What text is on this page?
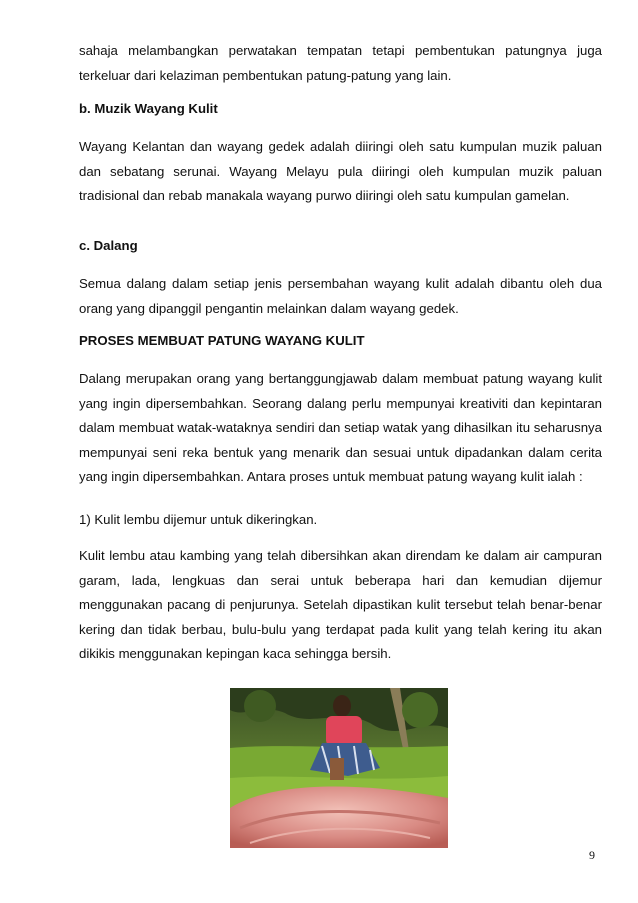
sahaja melambangkan perwatakan tempatan tetapi pembentukan patungnya juga terkeluar dari kelaziman pembentukan patung-patung yang lain.

b. Muzik Wayang Kulit

Wayang Kelantan dan wayang gedek adalah diiringi oleh satu kumpulan muzik paluan dan sebatang serunai. Wayang Melayu pula diiringi oleh kumpulan muzik paluan tradisional dan rebab manakala wayang purwo diiringi oleh satu kumpulan gamelan.

c. Dalang

Semua dalang dalam setiap jenis persembahan wayang kulit adalah dibantu oleh dua orang yang dipanggil pengantin melainkan dalam wayang gedek.

PROSES MEMBUAT PATUNG WAYANG KULIT

Dalang merupakan orang yang bertanggungjawab dalam membuat patung wayang kulit yang ingin dipersembahkan. Seorang dalang perlu mempunyai kreativiti dan kepintaran dalam membuat watak-wataknya sendiri dan setiap watak yang dihasilkan itu seharusnya mempunyai seni reka bentuk yang menarik dan sesuai untuk dipadankan dalam cerita yang ingin dipersembahkan. Antara proses untuk membuat patung wayang kulit ialah :

1) Kulit lembu dijemur untuk dikeringkan.

Kulit lembu atau kambing yang telah dibersihkan akan direndam ke dalam air campuran garam, lada, lengkuas dan serai untuk beberapa hari dan kemudian dijemur menggunakan pacang di penjurunya. Setelah dipastikan kulit tersebut telah benar-benar kering dan tidak berbau, bulu-bulu yang terdapat pada kulit yang telah kering itu akan dikikis menggunakan kepingan kaca sehingga bersih.

9
